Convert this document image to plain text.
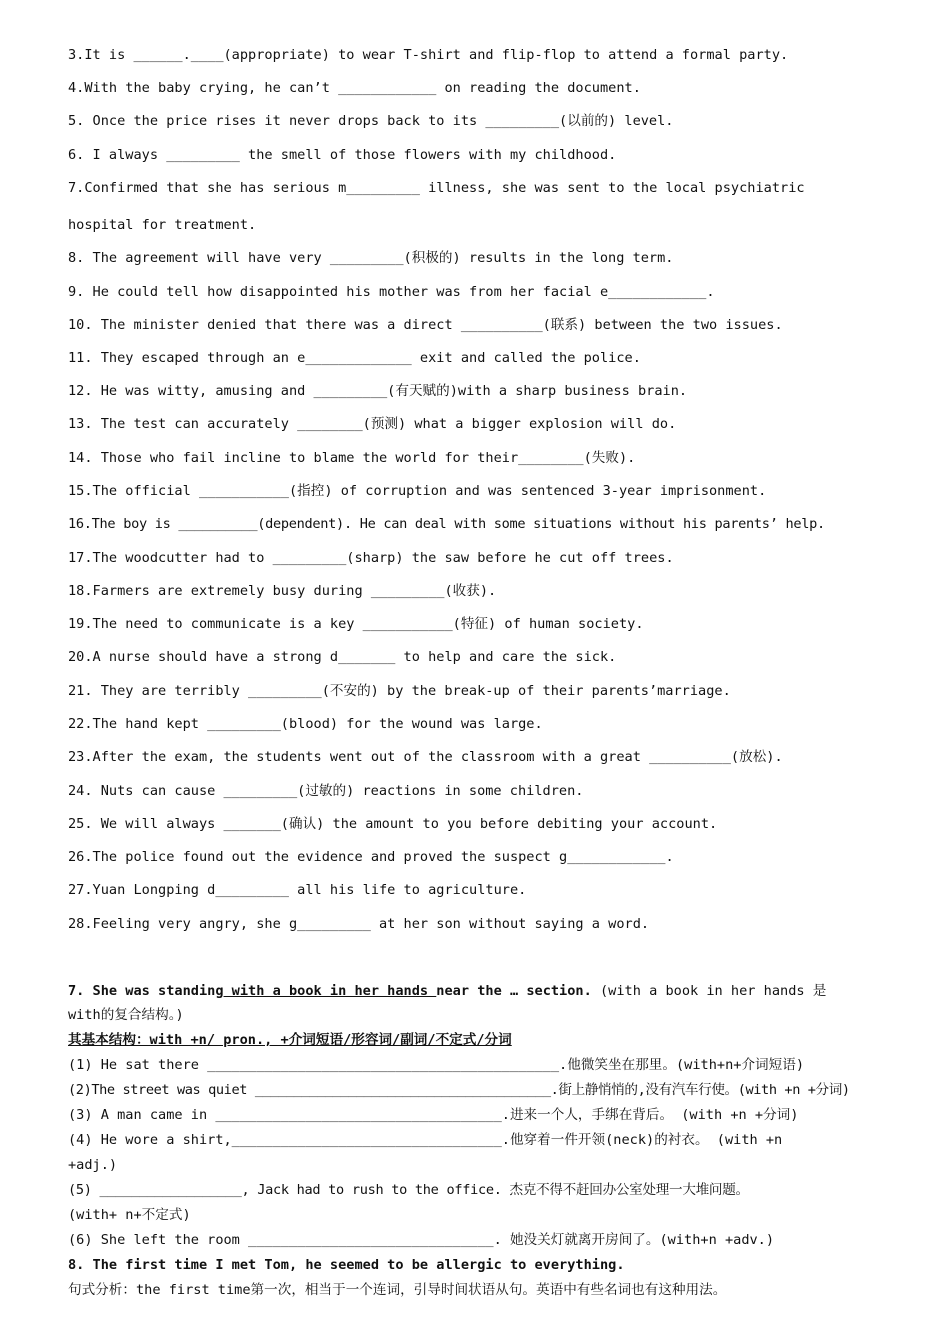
3.It is ______.____(appropriate) to wear T-shirt and flip-flop to attend a formal party.
4.With the baby crying, he can’t ____________ on reading the document.
5. Once the price rises it never drops back to its _________(以前的) level.
6. I always _________ the smell of those flowers with my childhood.
7.Confirmed that she has serious m_________ illness, she was sent to the local psychiatric
hospital for treatment.
8. The agreement will have very _________(积极的) results in the long term.
9. He could tell how disappointed his mother was from her facial e____________.
10. The minister denied that there was a direct __________(联系) between the two issues.
11. They escaped through an e_____________ exit and called the police.
12. He was witty, amusing and _________(有天赋的)with a sharp business brain.
13. The test can accurately ________(预测) what a bigger explosion will do.
14. Those who fail incline to blame the world for their________(失败).
15.The official ___________(指控) of corruption and was sentenced 3-year imprisonment.
16.The boy is __________(dependent). He can deal with some situations without his parents’ help.
17.The woodcutter had to _________(sharp) the saw before he cut off trees.
18.Farmers are extremely busy during _________(收获).
19.The need to communicate is a key ___________(特征) of human society.
20.A nurse should have a strong d_______ to help and care the sick.
21. They are terribly _________(不安的) by the break-up of their parents’marriage.
22.The hand kept _________(blood) for the wound was large.
23.After the exam, the students went out of the classroom with a great __________(放松).
24. Nuts can cause _________(过敏的) reactions in some children.
25. We will always _______(确认) the amount to you before debiting your account.
26.The police found out the evidence and proved the suspect g____________.
27.Yuan Longping d_________ all his life to agriculture.
28.Feeling very angry, she g_________ at her son without saying a word.
7. She was standing with a book in her hands near the … section. (with a book in her hands 是
with的复合结构。)
其基本结构：with +n/ pron., +介词短语/形容词/副词/不定式/分词
(1) He sat there ___________________________________________.他微笑坐在那里。(with+n+介词短语)
(2)The street was quiet ______________________________________.街上静悄悄的,没有汽车行使。(with +n +分词)
(3) A man came in ___________________________________.进来一个人，手绑在背后。 (with +n +分词)
(4) He wore a shirt,_________________________________.他穿着一件开领(neck)的衬衣。 (with +n
+adj.)
(5) __________________, Jack had to rush to the office. 杰克不得不赶回办公室处理一大堆问题。
(with+ n+不定式)
(6) She left the room ______________________________. 她没关灯就离开房间了。(with+n +adv.)
8. The first time I met Tom, he seemed to be allergic to everything.
句式分析：the first time第一次，相当于一个连词，引导时间状语从句。英语中有些名词也有这种用法。
